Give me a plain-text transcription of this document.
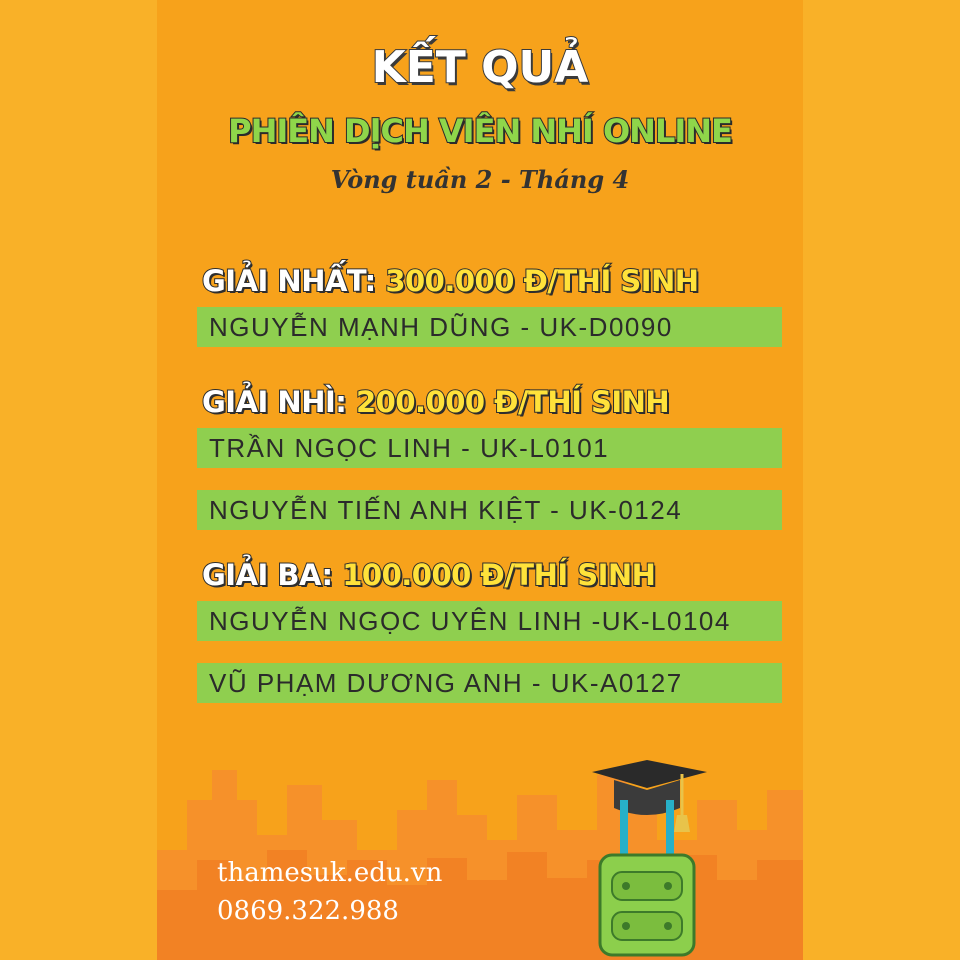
KẾT QUẢ
PHIÊN DỊCH VIÊN NHÍ ONLINE
Vòng tuần 2 - Tháng 4
GIẢI NHẤT: 300.000 Đ/THÍ SINH
NGUYỄN MẠNH DŨNG - UK-D0090
GIẢI NHÌ: 200.000 Đ/THÍ SINH
TRẦN NGỌC LINH - UK-L0101
NGUYỄN TIẾN ANH KIỆT - UK-0124
GIẢI BA: 100.000 Đ/THÍ SINH
NGUYỄN NGỌC UYÊN LINH -UK-L0104
VŨ PHẠM DƯƠNG ANH - UK-A0127
thamesuk.edu.vn
0869.322.988
